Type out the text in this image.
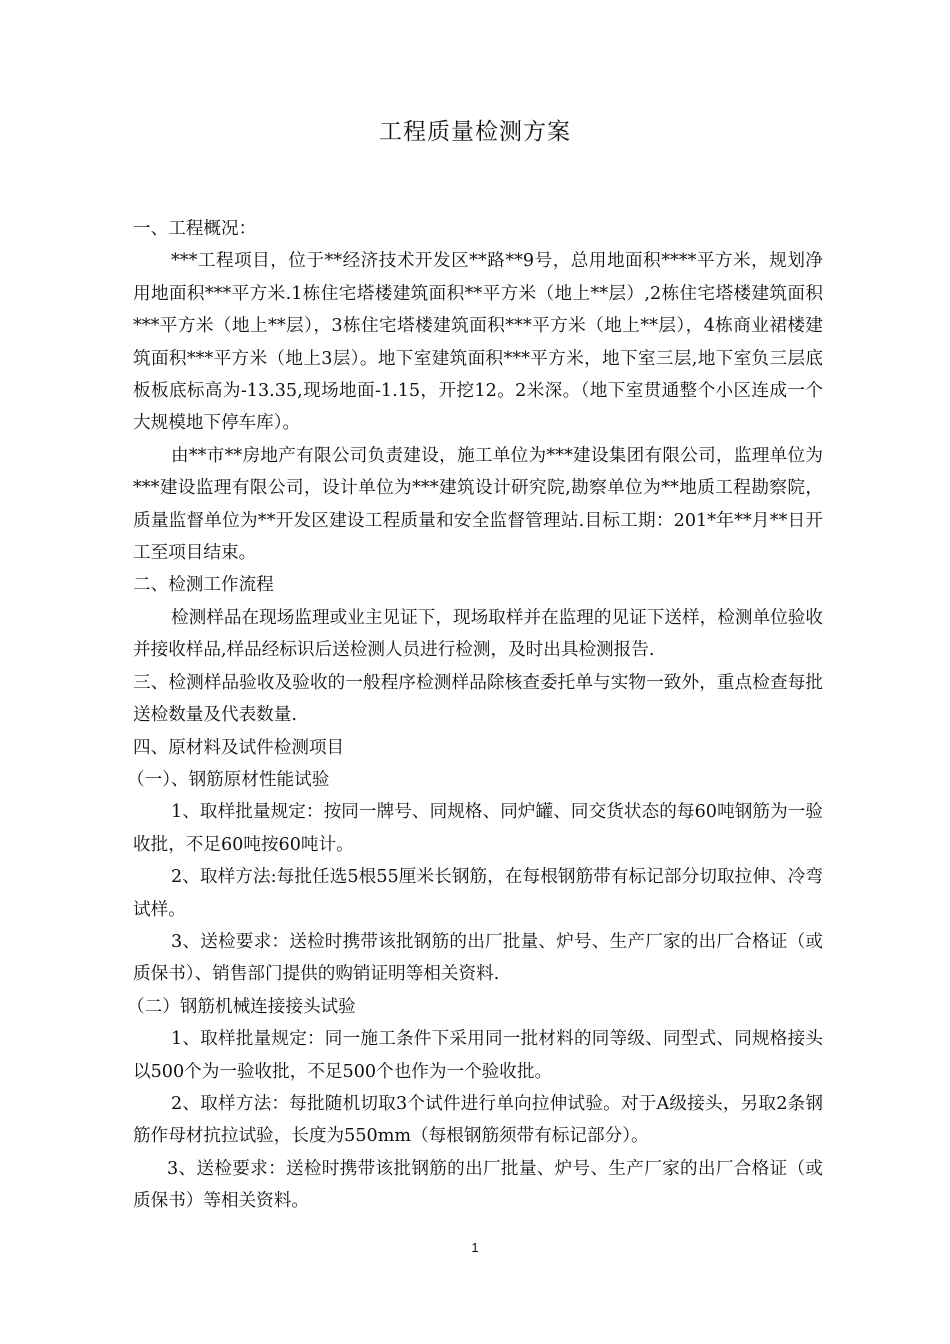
工程质量检测方案

一、工程概况：

***工程项目，位于**经济技术开发区**路**9号，总用地面积****平方米，规划净用地面积***平方米.1栋住宅塔楼建筑面积**平方米（地上**层）,2栋住宅塔楼建筑面积***平方米（地上**层），3栋住宅塔楼建筑面积***平方米（地上**层），4栋商业裙楼建筑面积***平方米（地上3层）。地下室建筑面积***平方米，地下室三层,地下室负三层底板板底标高为-13.35,现场地面-1.15，开挖12。2米深。（地下室贯通整个小区连成一个大规模地下停车库）。

由**市**房地产有限公司负责建设，施工单位为***建设集团有限公司，监理单位为***建设监理有限公司，设计单位为***建筑设计研究院,勘察单位为**地质工程勘察院，质量监督单位为**开发区建设工程质量和安全监督管理站.目标工期：201*年**月**日开工至项目结束。

二、检测工作流程

检测样品在现场监理或业主见证下，现场取样并在监理的见证下送样，检测单位验收并接收样品,样品经标识后送检测人员进行检测，及时出具检测报告.

三、检测样品验收及验收的一般程序检测样品除核查委托单与实物一致外，重点检查每批送检数量及代表数量.

四、原材料及试件检测项目

（一）、钢筋原材性能试验

1、取样批量规定：按同一牌号、同规格、同炉罐、同交货状态的每60吨钢筋为一验收批，不足60吨按60吨计。

2、取样方法:每批任选5根55厘米长钢筋，在每根钢筋带有标记部分切取拉伸、冷弯试样。

3、送检要求：送检时携带该批钢筋的出厂批量、炉号、生产厂家的出厂合格证（或质保书）、销售部门提供的购销证明等相关资料.

（二）钢筋机械连接接头试验

1、取样批量规定：同一施工条件下采用同一批材料的同等级、同型式、同规格接头以500个为一验收批，不足500个也作为一个验收批。

2、取样方法：每批随机切取3个试件进行单向拉伸试验。对于A级接头，另取2条钢筋作母材抗拉试验，长度为550mm（每根钢筋须带有标记部分）。

3、送检要求：送检时携带该批钢筋的出厂批量、炉号、生产厂家的出厂合格证（或质保书）等相关资料。

1
